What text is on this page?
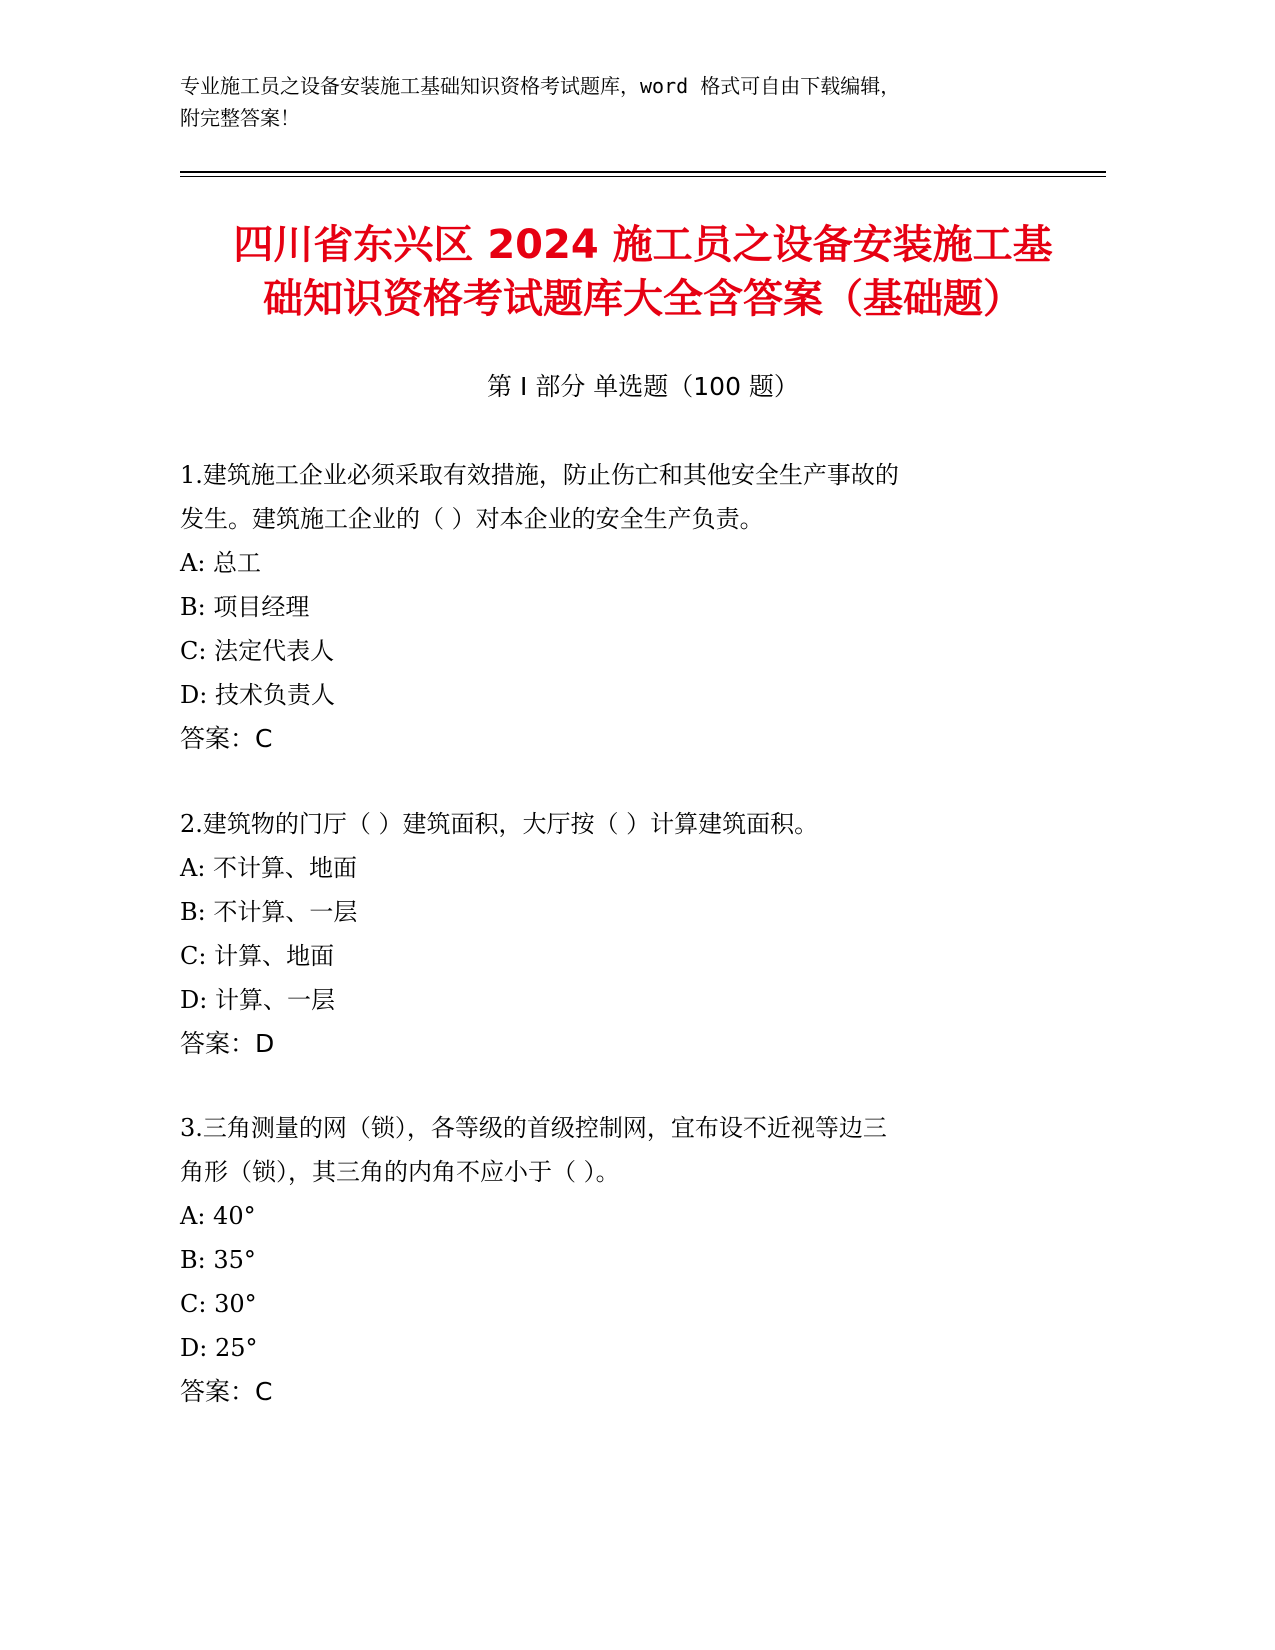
专业施工员之设备安装施工基础知识资格考试题库，word 格式可自由下载编辑，
附完整答案！
四川省东兴区 2024 施工员之设备安装施工基
础知识资格考试题库大全含答案（基础题）
第 I 部分 单选题（100 题）
1.建筑施工企业必须采取有效措施，防止伤亡和其他安全生产事故的
发生。建筑施工企业的（ ）对本企业的安全生产负责。
A: 总工
B: 项目经理
C: 法定代表人
D: 技术负责人
答案：C
2.建筑物的门厅（ ）建筑面积，大厅按（ ）计算建筑面积。
A: 不计算、地面
B: 不计算、一层
C: 计算、地面
D: 计算、一层
答案：D
3.三角测量的网（锁），各等级的首级控制网，宜布设不近视等边三
角形（锁），其三角的内角不应小于（ ）。
A: 40°
B: 35°
C: 30°
D: 25°
答案：C
